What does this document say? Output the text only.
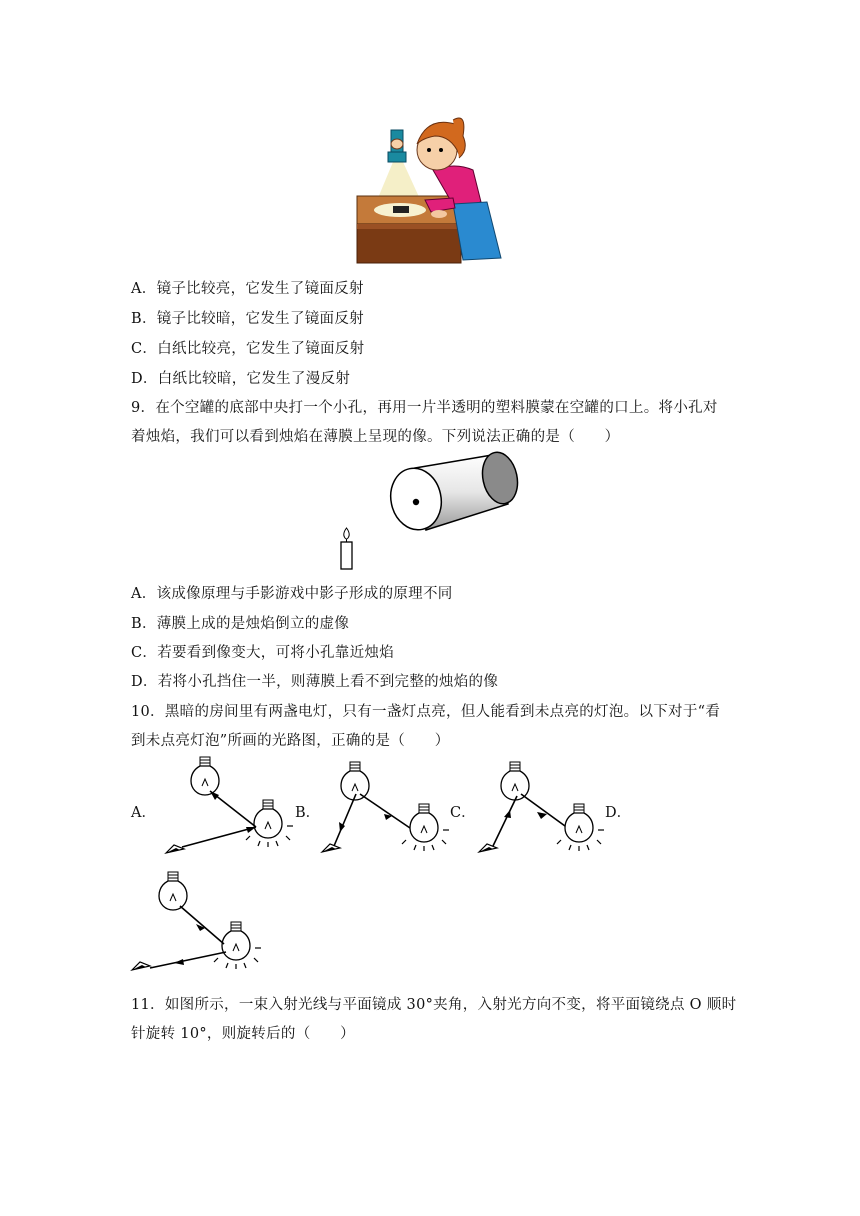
A．镜子比较亮，它发生了镜面反射
B．镜子比较暗，它发生了镜面反射
C．白纸比较亮，它发生了镜面反射
D．白纸比较暗，它发生了漫反射
9．在个空罐的底部中央打一个小孔，再用一片半透明的塑料膜蒙在空罐的口上。将小孔对
着烛焰，我们可以看到烛焰在薄膜上呈现的像。下列说法正确的是（　　）
A．该成像原理与手影游戏中影子形成的原理不同
B．薄膜上成的是烛焰倒立的虚像
C．若要看到像变大，可将小孔靠近烛焰
D．若将小孔挡住一半，则薄膜上看不到完整的烛焰的像
10．黑暗的房间里有两盏电灯，只有一盏灯点亮，但人能看到未点亮的灯泡。以下对于“看
到未点亮灯泡”所画的光路图，正确的是（　　）
A．	B．	C．	D．
11．如图所示，一束入射光线与平面镜成 30°夹角，入射光方向不变，将平面镜绕点 O 顺时
针旋转 10°，则旋转后的（　　）
